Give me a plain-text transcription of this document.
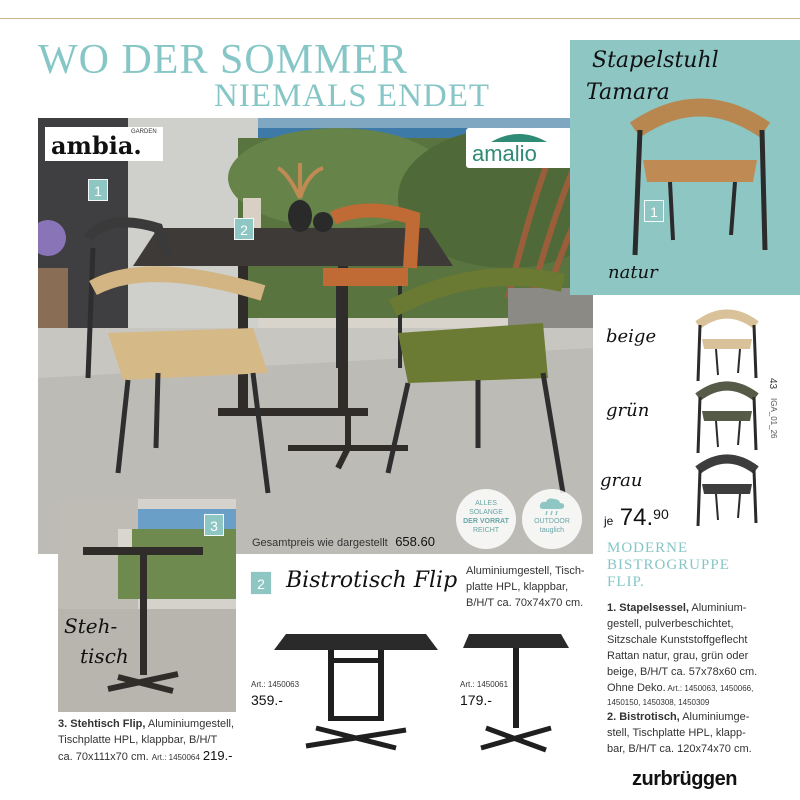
WO DER SOMMER
NIEMALS ENDET
GARDEN
ambia.	amalio
1
2
ALLES
SOLANGE
DER VORRAT
REICHT
OUTDOOR
tauglich
Gesamtpreis wie dargestellt 658.60
Stapelstuhl
Tamara
1
natur
beige
grün
grau
43
IGA_01_26
je 74.90
MODERNE
BISTROGRUPPE
FLIP.
1. Stapelsessel, Aluminium-
gestell, pulverbeschichtet,
Sitzschale Kunststoffgeflecht
Rattan natur, grau, grün oder
beige, B/H/T ca. 57x78x60 cm.
Ohne Deko. Art.: 1450063, 1450066,
1450150, 1450308, 1450309
2. Bistrotisch, Aluminiumge-
stell, Tischplatte HPL, klapp-
bar, B/H/T ca. 120x74x70 cm.
zurbrüggen
3
Steh-
tisch
3. Stehtisch Flip, Aluminiumgestell,
Tischplatte HPL, klappbar, B/H/T
ca. 70x111x70 cm. Art.: 1450064 219.-
2 Bistrotisch Flip Aluminiumgestell, Tisch-
platte HPL, klappbar,
B/H/T ca. 70x74x70 cm.
Art.: 1450063
359.-
Art.: 1450061
179.-
